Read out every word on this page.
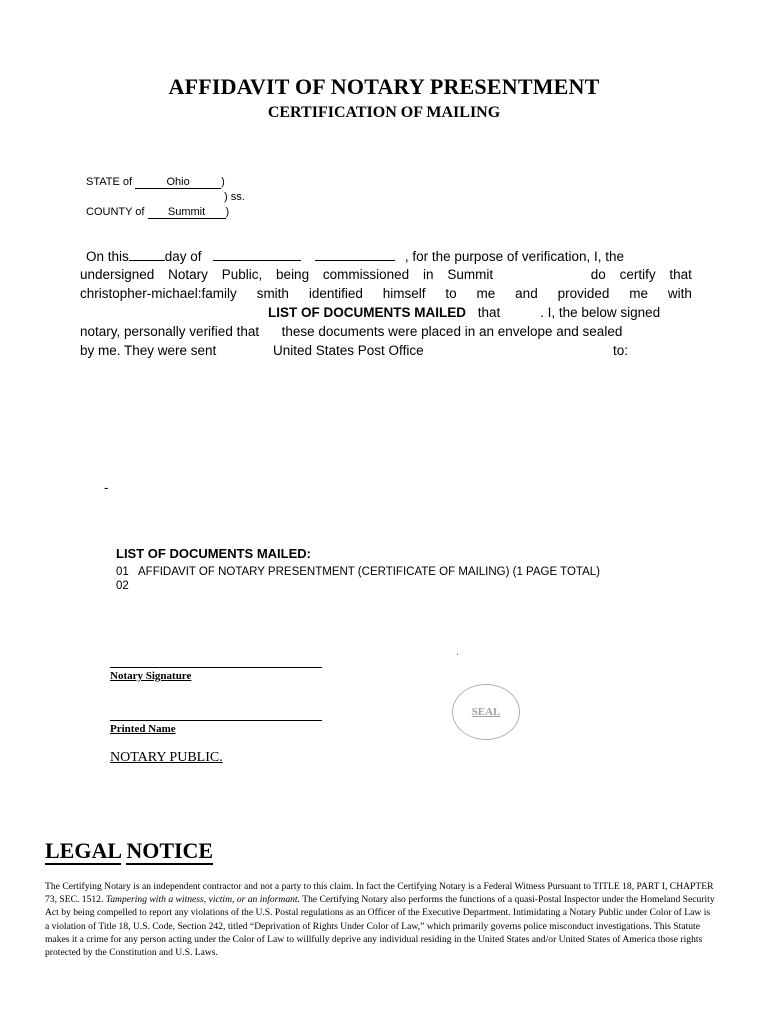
AFFIDAVIT OF NOTARY PRESENTMENT
CERTIFICATION OF MAILING
STATE of	Ohio	)
) ss.
COUNTY of Summit )
On this	day of	, for the purpose of verification, I, the
undersigned Notary Public, being commissioned in Summit	do certify that
christopher-michael:family smith identified himself to me and provided me with
LIST OF DOCUMENTS MAILED that	. I, the below signed
notary, personally verified that      these documents were placed in an envelope and sealed
by me. They were sent	United States Post Office	to:
-
LIST OF DOCUMENTS MAILED:
01 AFFIDAVIT OF NOTARY PRESENTMENT (CERTIFICATE OF MAILING) (1 PAGE TOTAL)
02
.
Notary Signature
Printed Name
NOTARY PUBLIC.
SEAL
LEGAL NOTICE
The Certifying Notary is an independent contractor and not a party to this claim. In fact the Certifying Notary is a Federal Witness Pursuant to TITLE 18, PART I, CHAPTER 73, SEC. 1512. Tampering with a witness, victim, or an informant. The Certifying Notary also performs the functions of a quasi-Postal Inspector under the Homeland Security Act by being compelled to report any violations of the U.S. Postal regulations as an Officer of the Executive Department. Intimidating a Notary Public under Color of Law is a violation of Title 18, U.S. Code, Section 242, titled “Deprivation of Rights Under Color of Law,” which primarily governs police misconduct investigations. This Statute makes it a crime for any person acting under the Color of Law to willfully deprive any individual residing in the United States and/or United States of America those rights protected by the Constitution and U.S. Laws.
